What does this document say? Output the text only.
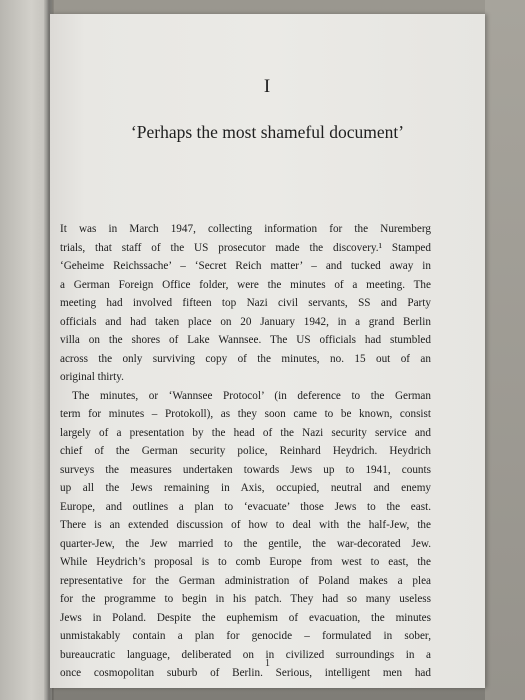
I
‘Perhaps the most shameful document’
It was in March 1947, collecting information for the Nuremberg
trials, that staff of the US prosecutor made the discovery.¹ Stamped
‘Geheime Reichssache’ – ‘Secret Reich matter’ – and tucked away in
a German Foreign Office folder, were the minutes of a meeting. The
meeting had involved fifteen top Nazi civil servants, SS and Party
officials and had taken place on 20 January 1942, in a grand Berlin
villa on the shores of Lake Wannsee. The US officials had stumbled
across the only surviving copy of the minutes, no. 15 out of an
original thirty.
The minutes, or ‘Wannsee Protocol’ (in deference to the German
term for minutes – Protokoll), as they soon came to be known, consist
largely of a presentation by the head of the Nazi security service and
chief of the German security police, Reinhard Heydrich. Heydrich
surveys the measures undertaken towards Jews up to 1941, counts
up all the Jews remaining in Axis, occupied, neutral and enemy
Europe, and outlines a plan to ‘evacuate’ those Jews to the east.
There is an extended discussion of how to deal with the half-Jew, the
quarter-Jew, the Jew married to the gentile, the war-decorated Jew.
While Heydrich’s proposal is to comb Europe from west to east, the
representative for the German administration of Poland makes a plea
for the programme to begin in his patch. They had so many useless
Jews in Poland. Despite the euphemism of evacuation, the minutes
unmistakably contain a plan for genocide – formulated in sober,
bureaucratic language, deliberated on in civilized surroundings in a
once cosmopolitan suburb of Berlin. Serious, intelligent men had
1
